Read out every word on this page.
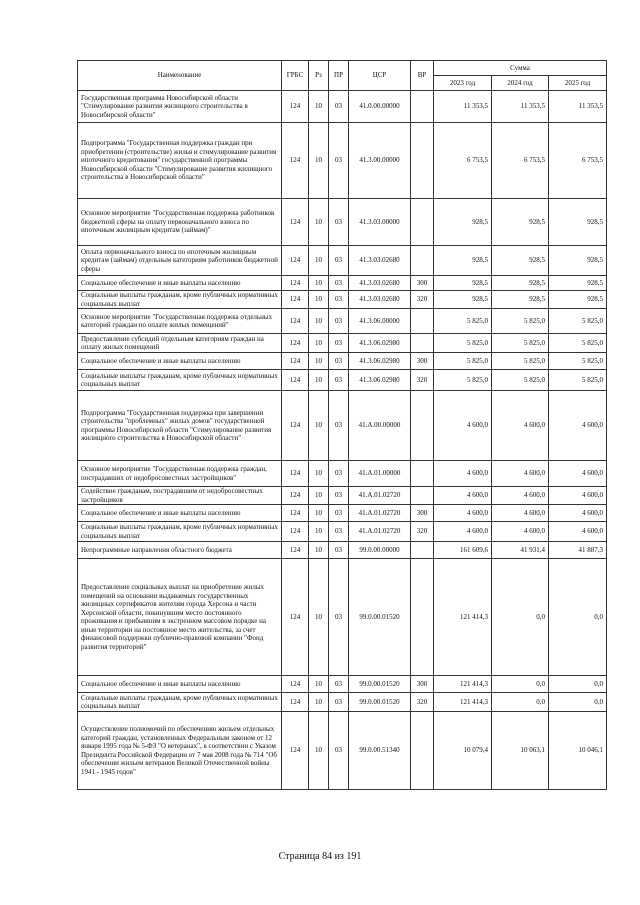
Наименование	ГРБС	Рз	ПР	ЦСР	ВР	Сумма		
						2023 год	2024 год	2025 год
Государственная программа Новосибирской области "Стимулирование развития жилищного строительства в Новосибирской области"	124	10	03	41.0.00.00000		11 353,5	11 353,5	11 353,5
Подпрограмма "Государственная поддержка граждан при приобретении (строительстве) жилья и стимулирование развития ипотечного кредитования" государственной программы Новосибирской области "Стимулирование развития жилищного строительства в Новосибирской области"	124	10	03	41.3.00.00000		6 753,5	6 753,5	6 753,5
Основное мероприятие "Государственная поддержка работников бюджетной сферы на оплату первоначального взноса по ипотечным жилищным кредитам (займам)"	124	10	03	41.3.03.00000		928,5	928,5	928,5
Оплата первоначального взноса по ипотечным жилищным кредитам (займам) отдельным категориям работников бюджетной сферы	124	10	03	41.3.03.02680		928,5	928,5	928,5
Социальное обеспечение и иные выплаты населению	124	10	03	41.3.03.02680	300	928,5	928,5	928,5
Социальные выплаты гражданам, кроме публичных нормативных социальных выплат	124	10	03	41.3.03.02680	320	928,5	928,5	928,5
Основное мероприятие "Государственная поддержка отдельных категорий граждан по оплате жилых помещений"	124	10	03	41.3.06.00000		5 825,0	5 825,0	5 825,0
Предоставление субсидий отдельным категориям граждан на оплату жилых помещений	124	10	03	41.3.06.02980		5 825,0	5 825,0	5 825,0
Социальное обеспечение и иные выплаты населению	124	10	03	41.3.06.02980	300	5 825,0	5 825,0	5 825,0
Социальные выплаты гражданам, кроме публичных нормативных социальных выплат	124	10	03	41.3.06.02980	320	5 825,0	5 825,0	5 825,0
Подпрограмма "Государственная поддержка при завершении строительства "проблемных" жилых домов" государственной программы Новосибирской области "Стимулирование развития жилищного строительства в Новосибирской области"	124	10	03	41.A.00.00000		4 600,0	4 600,0	4 600,0
Основное мероприятие "Государственная поддержка граждан, пострадавших от недобросовестных застройщиков"	124	10	03	41.A.01.00000		4 600,0	4 600,0	4 600,0
Содействие гражданам, пострадавшим от недобросовестных застройщиков	124	10	03	41.A.01.02720		4 600,0	4 600,0	4 600,0
Социальное обеспечение и иные выплаты населению	124	10	03	41.A.01.02720	300	4 600,0	4 600,0	4 600,0
Социальные выплаты гражданам, кроме публичных нормативных социальных выплат	124	10	03	41.A.01.02720	320	4 600,0	4 600,0	4 600,0
Непрограммные направления областного бюджета	124	10	03	99.0.00.00000		161 609,6	41 931,4	41 887,3
Предоставление социальных выплат на приобретение жилых помещений на основании выдаваемых государственных жилищных сертификатов жителям города Херсона и части Херсонской области, покинувшим место постоянного проживания и прибывшим в экстренном массовом порядке на иные территории на постоянное место жительства, за счет финансовой поддержки публично-правовой компании "Фонд развития территорий"	124	10	03	99.0.00.01520		121 414,3	0,0	0,0
Социальное обеспечение и иные выплаты населению	124	10	03	99.0.00.01520	300	121 414,3	0,0	0,0
Социальные выплаты гражданам, кроме публичных нормативных социальных выплат	124	10	03	99.0.00.01520	320	121 414,3	0,0	0,0
Осуществление полномочий по обеспечению жильем отдельных категорий граждан, установленных Федеральным законом от 12 января 1995 года № 5-ФЗ "О ветеранах", в соответствии с Указом Президента Российской Федерации от 7 мая 2008 года № 714 "Об обеспечении жильем ветеранов Великой Отечественной войны 1941 - 1945 годов"	124	10	03	99.0.00.51340		10 079,4	10 063,1	10 046,1
Страница 84 из 191
